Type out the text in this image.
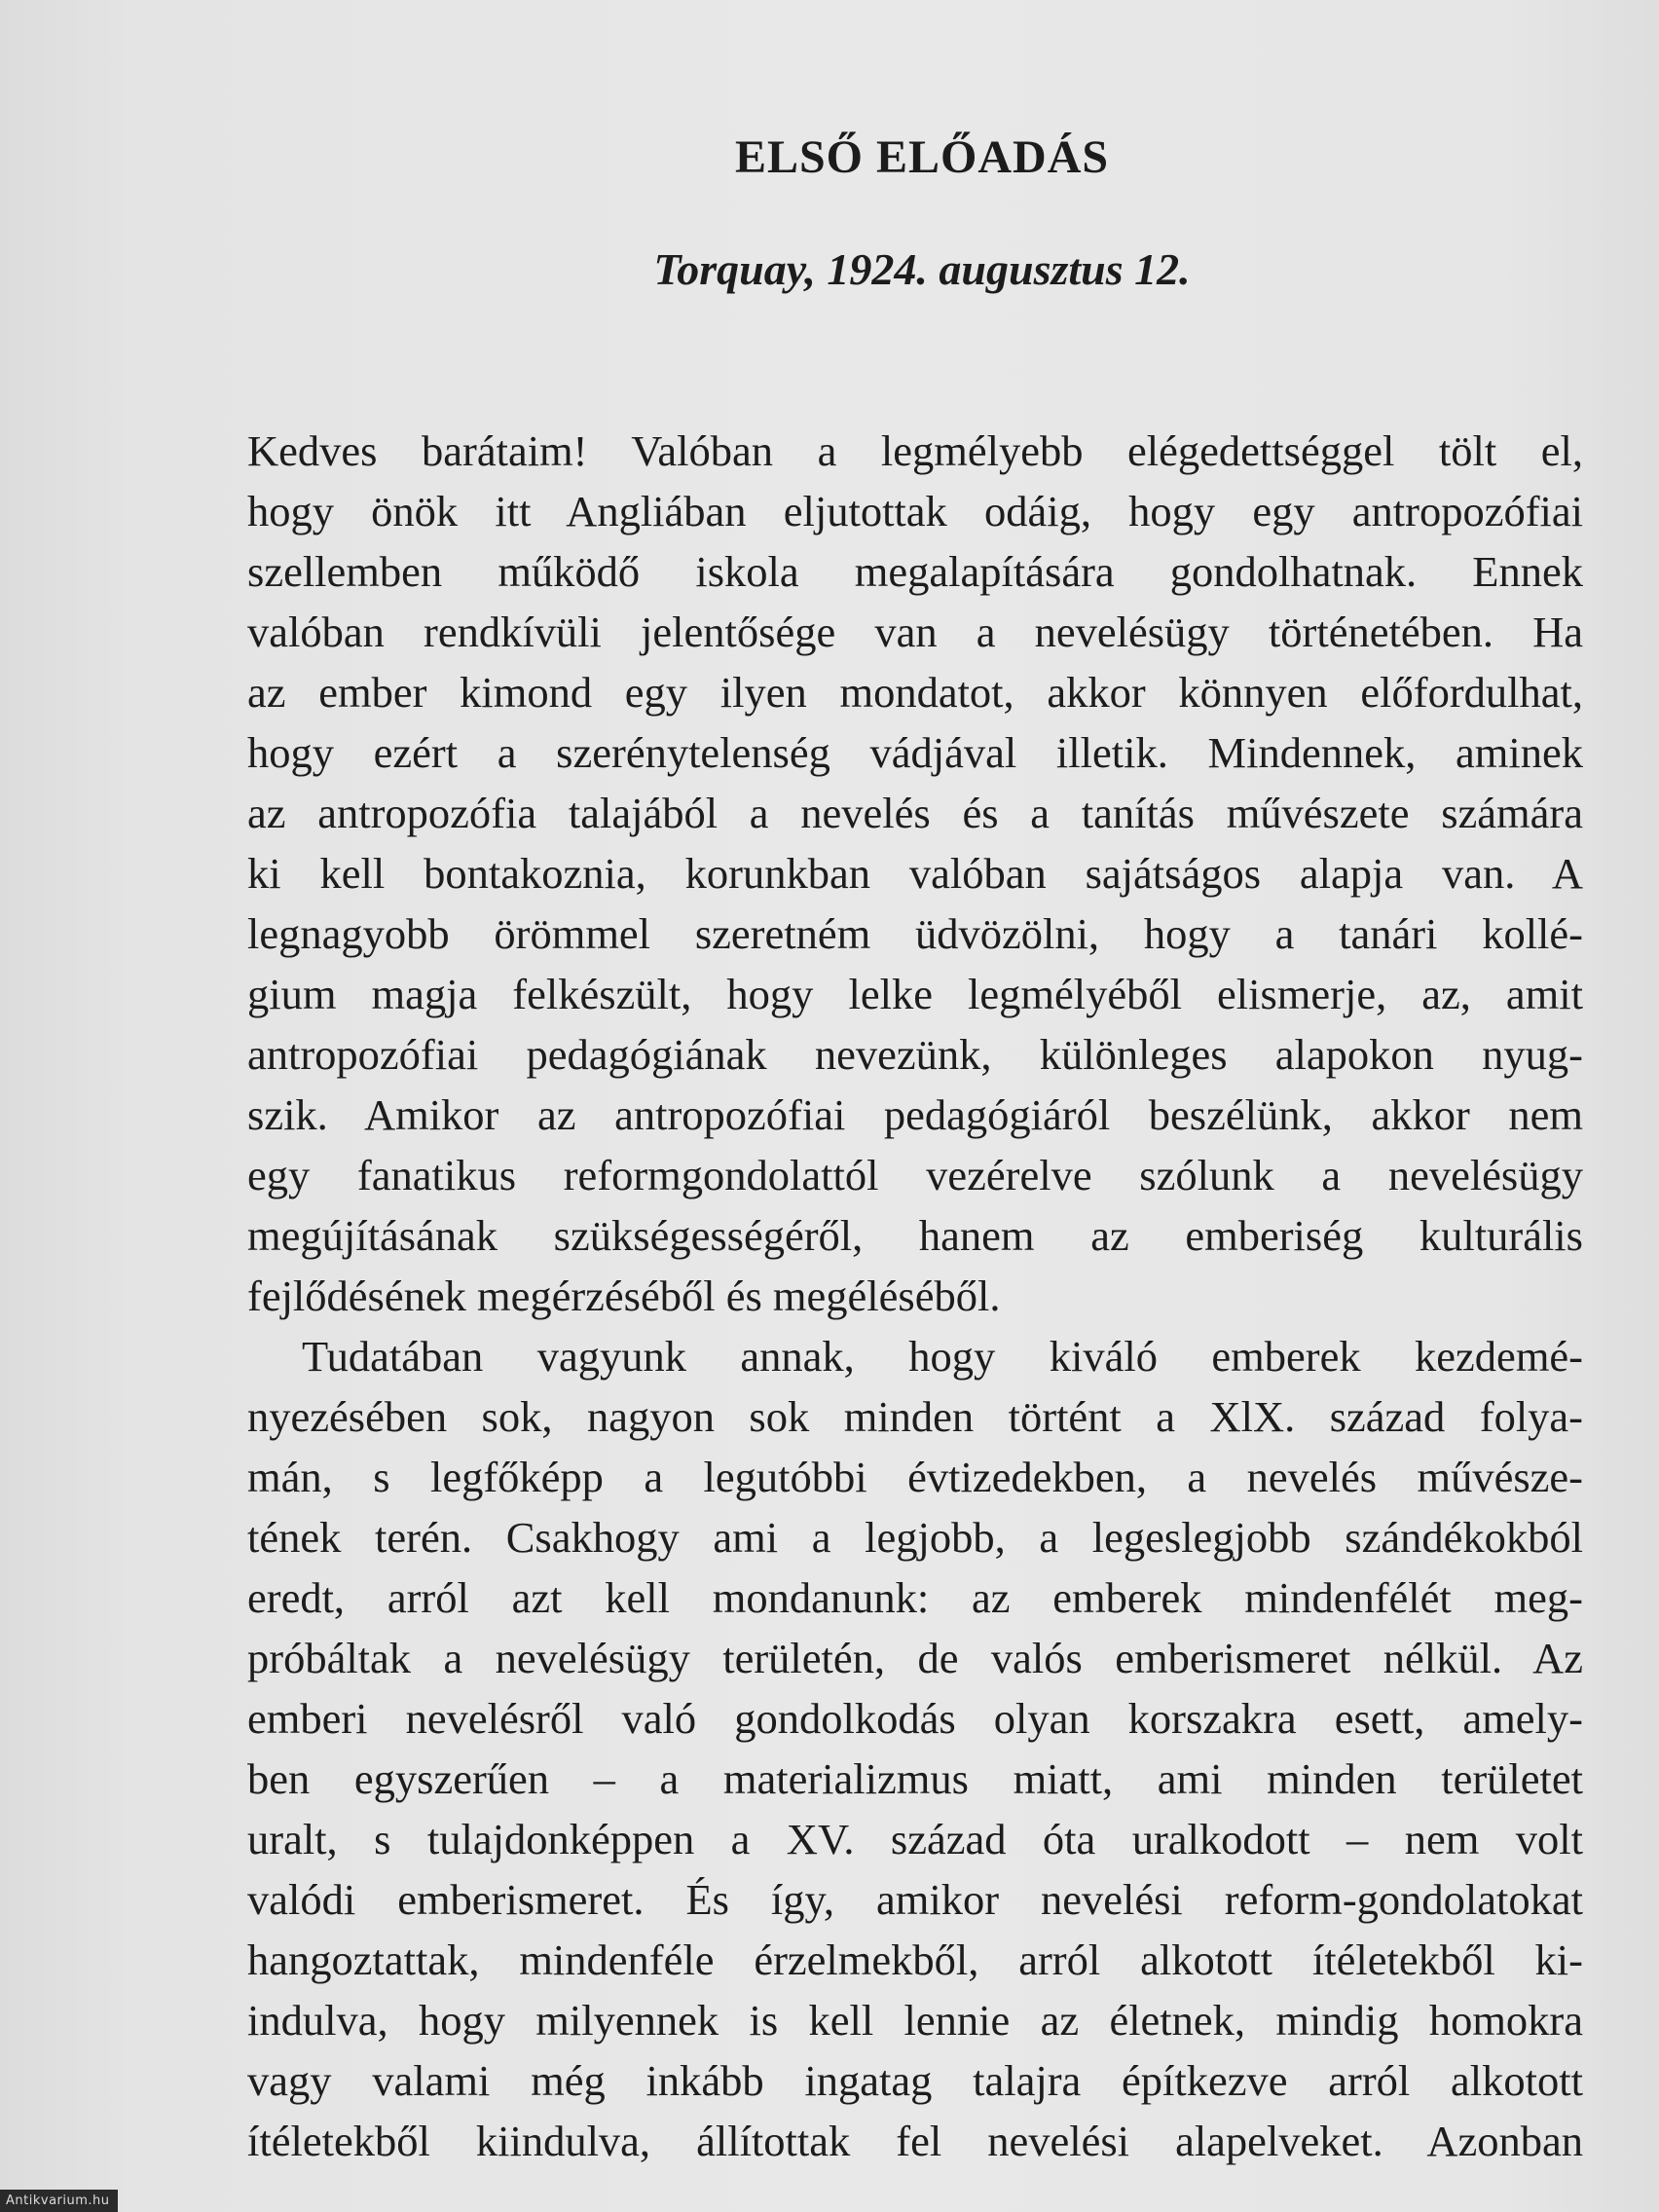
ELSŐ ELŐADÁS
Torquay, 1924. augusztus 12.

Kedves barátaim! Valóban a legmélyebb elégedettséggel tölt el,
hogy önök itt Angliában eljutottak odáig, hogy egy antropozófiai
szellemben működő iskola megalapítására gondolhatnak. Ennek
valóban rendkívüli jelentősége van a nevelésügy történetében. Ha
az ember kimond egy ilyen mondatot, akkor könnyen előfordulhat,
hogy ezért a szerénytelenség vádjával illetik. Mindennek, aminek
az antropozófia talajából a nevelés és a tanítás művészete számára
ki kell bontakoznia, korunkban valóban sajátságos alapja van. A
legnagyobb örömmel szeretném üdvözölni, hogy a tanári kollé-
gium magja felkészült, hogy lelke legmélyéből elismerje, az, amit
antropozófiai pedagógiának nevezünk, különleges alapokon nyug-
szik. Amikor az antropozófiai pedagógiáról beszélünk, akkor nem
egy fanatikus reformgondolattól vezérelve szólunk a nevelésügy
megújításának szükségességéről, hanem az emberiség kulturális
fejlődésének megérzéséből és megéléséből.

Tudatában vagyunk annak, hogy kiváló emberek kezdemé-
nyezésében sok, nagyon sok minden történt a XlX. század folya-
mán, s legfőképp a legutóbbi évtizedekben, a nevelés művésze-
tének terén. Csakhogy ami a legjobb, a legeslegjobb szándékokból
eredt, arról azt kell mondanunk: az emberek mindenfélét meg-
próbáltak a nevelésügy területén, de valós emberismeret nélkül. Az
emberi nevelésről való gondolkodás olyan korszakra esett, amely-
ben egyszerűen – a materializmus miatt, ami minden területet
uralt, s tulajdonképpen a XV. század óta uralkodott – nem volt
valódi emberismeret. És így, amikor nevelési reform-gondolatokat
hangoztattak, mindenféle érzelmekből, arról alkotott ítéletekből ki-
indulva, hogy milyennek is kell lennie az életnek, mindig homokra
vagy valami még inkább ingatag talajra építkezve arról alkotott
ítéletekből kiindulva, állítottak fel nevelési alapelveket. Azonban

Antikvarium.hu
